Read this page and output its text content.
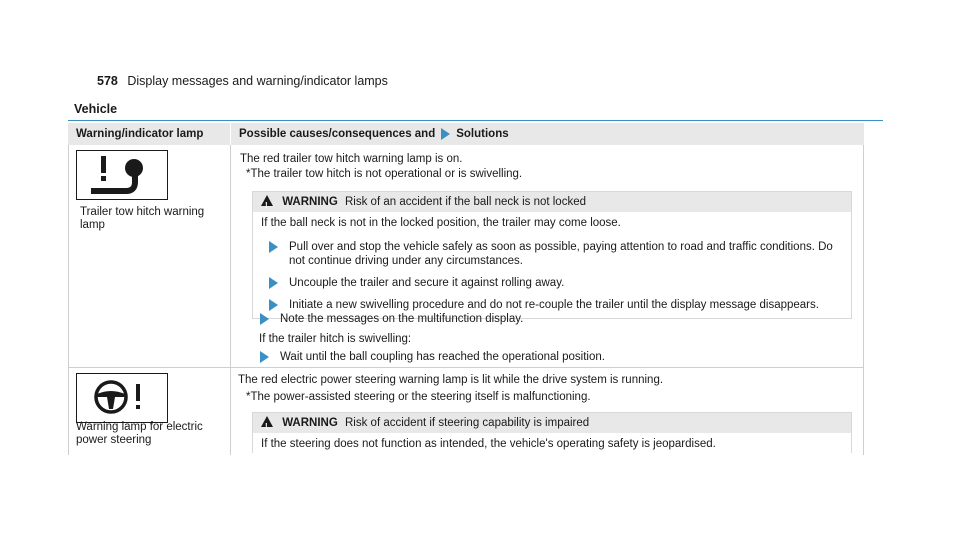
578 Display messages and warning/indicator lamps
Vehicle
Warning/indicator lamp	Possible causes/consequences and Solutions
Trailer tow hitch warning
lamp
The red trailer tow hitch warning lamp is on.
*The trailer tow hitch is not operational or is swivelling.
! WARNING Risk of an accident if the ball neck is not locked
If the ball neck is not in the locked position, the trailer may come loose.
Pull over and stop the vehicle safely as soon as possible, paying attention to road and traffic conditions. Do not continue driving under any circumstances.
Uncouple the trailer and secure it against rolling away.
Initiate a new swivelling procedure and do not re-couple the trailer until the display message disappears.
Note the messages on the multifunction display.
If the trailer hitch is swivelling:
Wait until the ball coupling has reached the operational position.
Warning lamp for electric
power steering
The red electric power steering warning lamp is lit while the drive system is running.
*The power-assisted steering or the steering itself is malfunctioning.
! WARNING Risk of accident if steering capability is impaired
If the steering does not function as intended, the vehicle's operating safety is jeopardised.
